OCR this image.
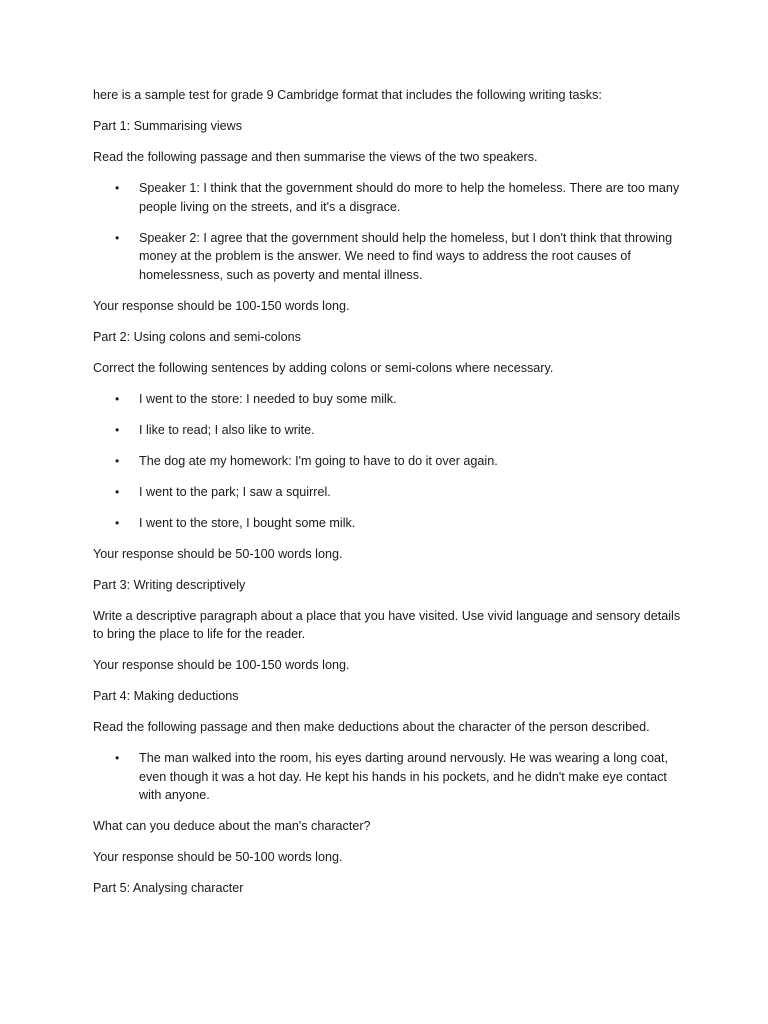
here is a sample test for grade 9 Cambridge format that includes the following writing tasks:

Part 1: Summarising views

Read the following passage and then summarise the views of the two speakers.

• Speaker 1: I think that the government should do more to help the homeless. There are too many people living on the streets, and it's a disgrace.
• Speaker 2: I agree that the government should help the homeless, but I don't think that throwing money at the problem is the answer. We need to find ways to address the root causes of homelessness, such as poverty and mental illness.

Your response should be 100-150 words long.

Part 2: Using colons and semi-colons

Correct the following sentences by adding colons or semi-colons where necessary.

• I went to the store: I needed to buy some milk.
• I like to read; I also like to write.
• The dog ate my homework: I'm going to have to do it over again.
• I went to the park; I saw a squirrel.
• I went to the store, I bought some milk.

Your response should be 50-100 words long.

Part 3: Writing descriptively

Write a descriptive paragraph about a place that you have visited. Use vivid language and sensory details to bring the place to life for the reader.

Your response should be 100-150 words long.

Part 4: Making deductions

Read the following passage and then make deductions about the character of the person described.

• The man walked into the room, his eyes darting around nervously. He was wearing a long coat, even though it was a hot day. He kept his hands in his pockets, and he didn't make eye contact with anyone.

What can you deduce about the man's character?

Your response should be 50-100 words long.

Part 5: Analysing character
